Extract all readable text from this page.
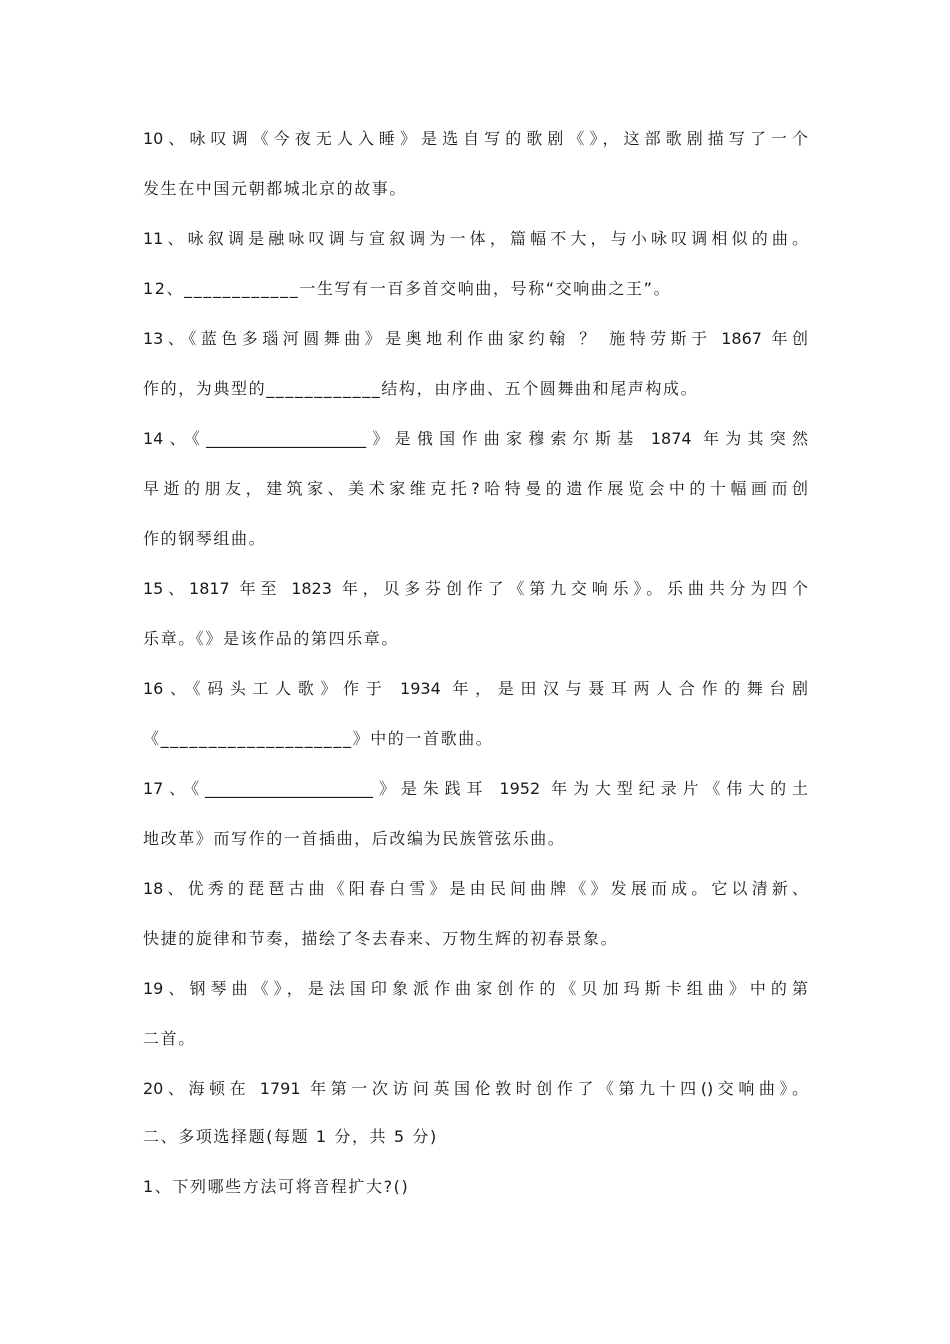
10、咏叹调《今夜无人入睡》是选自写的歌剧《》，这部歌剧描写了一个
发生在中国元朝都城北京的故事。
11、咏叙调是融咏叹调与宣叙调为一体，篇幅不大，与小咏叹调相似的曲。
12、____________一生写有一百多首交响曲，号称“交响曲之王”。
13、《蓝色多瑙河圆舞曲》是奥地利作曲家约翰 ？ 施特劳斯于 1867 年创
作的，为典型的____________结构，由序曲、五个圆舞曲和尾声构成。
14、《____________________》是俄国作曲家穆索尔斯基 1874 年为其突然
早逝的朋友，建筑家、美术家维克托?哈特曼的遗作展览会中的十幅画而创
作的钢琴组曲。
15、1817 年至 1823 年，贝多芬创作了《第九交响乐》。乐曲共分为四个
乐章。《》是该作品的第四乐章。
16、《码头工人歌》作于 1934 年，是田汉与聂耳两人合作的舞台剧
《____________________》中的一首歌曲。
17、《_____________________》是朱践耳 1952 年为大型纪录片《伟大的土
地改革》而写作的一首插曲，后改编为民族管弦乐曲。
18、优秀的琵琶古曲《阳春白雪》是由民间曲牌《》发展而成。它以清新、
快捷的旋律和节奏，描绘了冬去春来、万物生辉的初春景象。
19、钢琴曲《》，是法国印象派作曲家创作的《贝加玛斯卡组曲》中的第
二首。
20、海顿在 1791 年第一次访问英国伦敦时创作了《第九十四()交响曲》。
二、多项选择题(每题 1 分，共 5 分)
1、下列哪些方法可将音程扩大?()
